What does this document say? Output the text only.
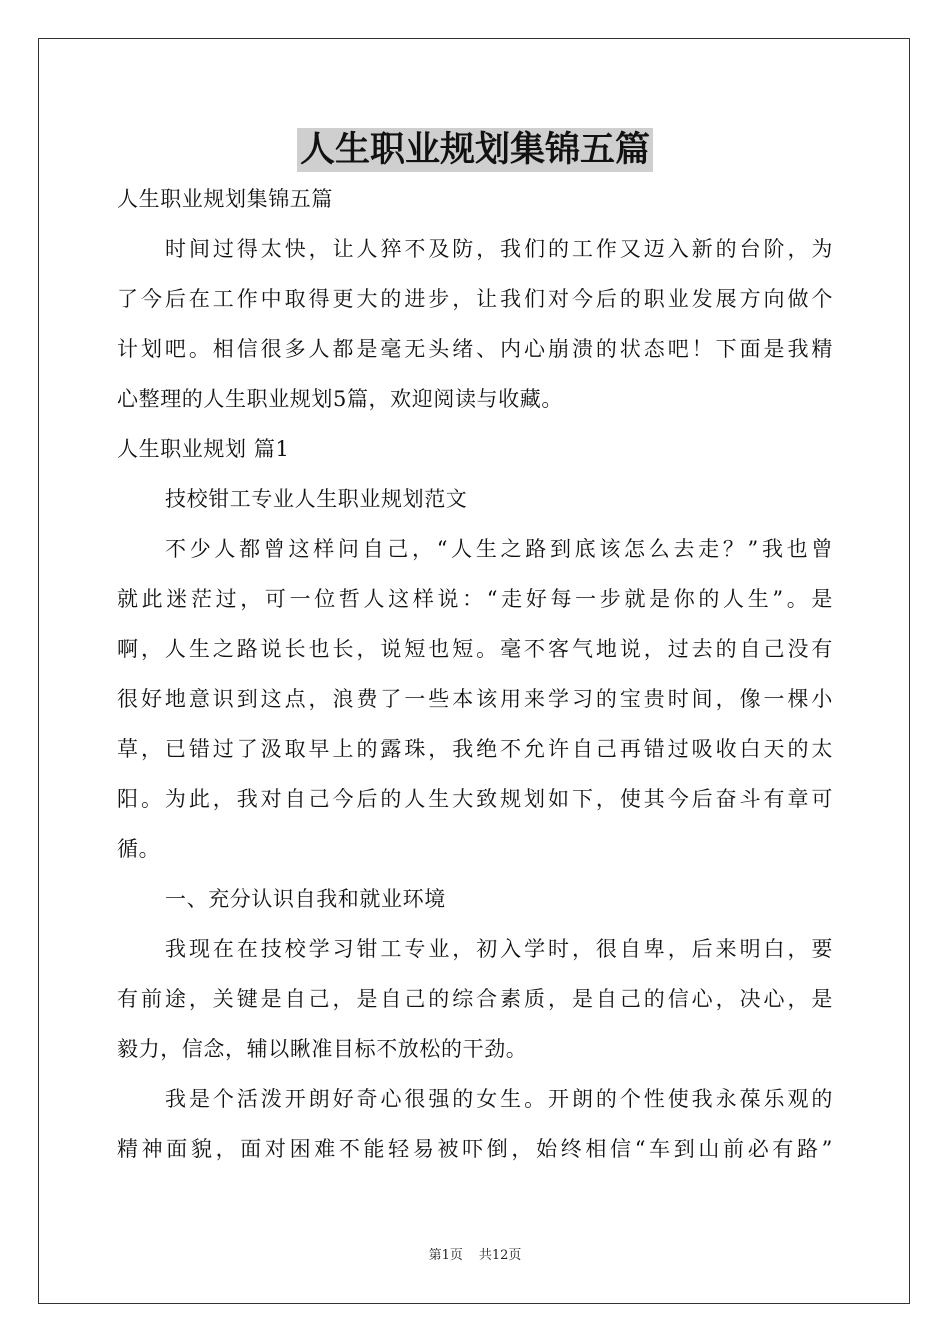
人生职业规划集锦五篇
人生职业规划集锦五篇
时间过得太快，让人猝不及防，我们的工作又迈入新的台阶，为
了今后在工作中取得更大的进步，让我们对今后的职业发展方向做个
计划吧。相信很多人都是毫无头绪、内心崩溃的状态吧！下面是我精
心整理的人生职业规划5篇，欢迎阅读与收藏。
人生职业规划 篇1
技校钳工专业人生职业规划范文
不少人都曾这样问自己，“人生之路到底该怎么去走？”我也曾
就此迷茫过，可一位哲人这样说：“走好每一步就是你的人生”。是
啊，人生之路说长也长，说短也短。毫不客气地说，过去的自己没有
很好地意识到这点，浪费了一些本该用来学习的宝贵时间，像一棵小
草，已错过了汲取早上的露珠，我绝不允许自己再错过吸收白天的太
阳。为此，我对自己今后的人生大致规划如下，使其今后奋斗有章可
循。
一、充分认识自我和就业环境
我现在在技校学习钳工专业，初入学时，很自卑，后来明白，要
有前途，关键是自己，是自己的综合素质，是自己的信心，决心，是
毅力，信念，辅以瞅准目标不放松的干劲。
我是个活泼开朗好奇心很强的女生。开朗的个性使我永葆乐观的
精神面貌，面对困难不能轻易被吓倒，始终相信“车到山前必有路”
第1页 共12页
